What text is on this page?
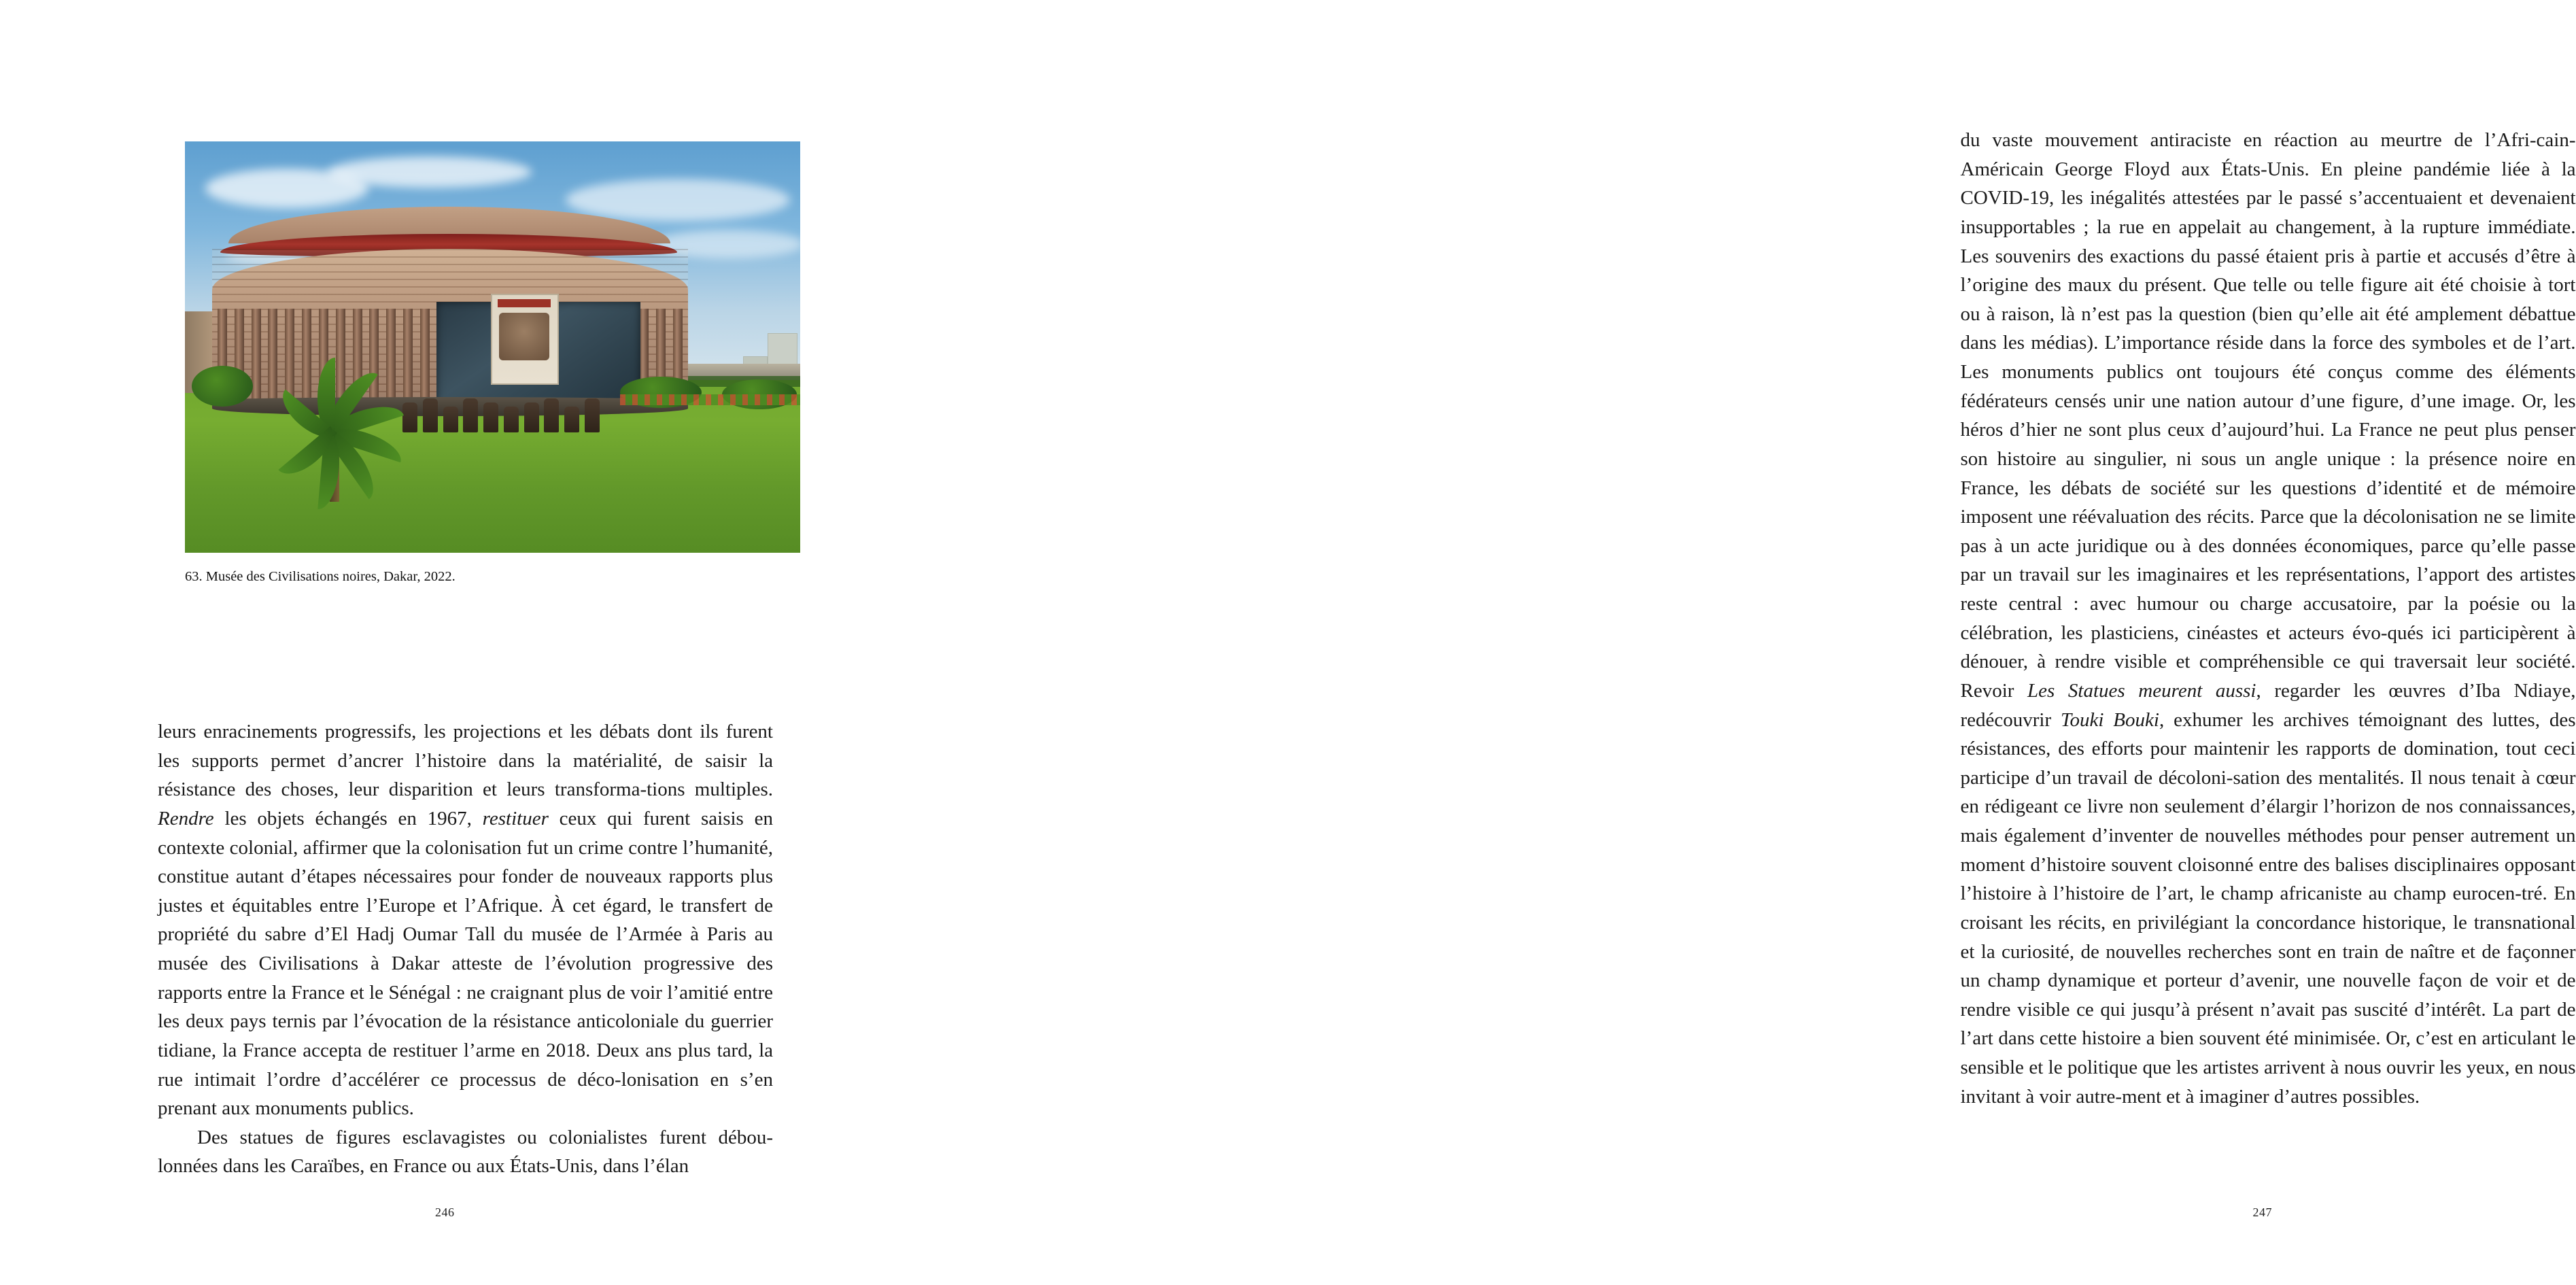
63. Musée des Civilisations noires, Dakar, 2022.

leurs enracinements progressifs, les projections et les débats dont ils furent les supports permet d’ancrer l’histoire dans la matérialité, de saisir la résistance des choses, leur disparition et leurs transforma-tions multiples. Rendre les objets échangés en 1967, restituer ceux qui furent saisis en contexte colonial, affirmer que la colonisation fut un crime contre l’humanité, constitue autant d’étapes nécessaires pour fonder de nouveaux rapports plus justes et équitables entre l’Europe et l’Afrique. À cet égard, le transfert de propriété du sabre d’El Hadj Oumar Tall du musée de l’Armée à Paris au musée des Civilisations à Dakar atteste de l’évolution progressive des rapports entre la France et le Sénégal : ne craignant plus de voir l’amitié entre les deux pays ternis par l’évocation de la résistance anticoloniale du guerrier tidiane, la France accepta de restituer l’arme en 2018. Deux ans plus tard, la rue intimait l’ordre d’accélérer ce processus de déco-lonisation en s’en prenant aux monuments publics.

Des statues de figures esclavagistes ou colonialistes furent débou-lonnées dans les Caraïbes, en France ou aux États-Unis, dans l’élan

246

du vaste mouvement antiraciste en réaction au meurtre de l’Afri-cain-Américain George Floyd aux États-Unis. En pleine pandémie liée à la COVID-19, les inégalités attestées par le passé s’accentuaient et devenaient insupportables ; la rue en appelait au changement, à la rupture immédiate. Les souvenirs des exactions du passé étaient pris à partie et accusés d’être à l’origine des maux du présent. Que telle ou telle figure ait été choisie à tort ou à raison, là n’est pas la question (bien qu’elle ait été amplement débattue dans les médias). L’importance réside dans la force des symboles et de l’art. Les monuments publics ont toujours été conçus comme des éléments fédérateurs censés unir une nation autour d’une figure, d’une image. Or, les héros d’hier ne sont plus ceux d’aujourd’hui. La France ne peut plus penser son histoire au singulier, ni sous un angle unique : la présence noire en France, les débats de société sur les questions d’identité et de mémoire imposent une réévaluation des récits. Parce que la décolonisation ne se limite pas à un acte juridique ou à des données économiques, parce qu’elle passe par un travail sur les imaginaires et les représentations, l’apport des artistes reste central : avec humour ou charge accusatoire, par la poésie ou la célébration, les plasticiens, cinéastes et acteurs évo-qués ici participèrent à dénouer, à rendre visible et compréhensible ce qui traversait leur société. Revoir Les Statues meurent aussi, regarder les œuvres d’Iba Ndiaye, redécouvrir Touki Bouki, exhumer les archives témoignant des luttes, des résistances, des efforts pour maintenir les rapports de domination, tout ceci participe d’un travail de décoloni-sation des mentalités. Il nous tenait à cœur en rédigeant ce livre non seulement d’élargir l’horizon de nos connaissances, mais également d’inventer de nouvelles méthodes pour penser autrement un moment d’histoire souvent cloisonné entre des balises disciplinaires opposant l’histoire à l’histoire de l’art, le champ africaniste au champ eurocen-tré. En croisant les récits, en privilégiant la concordance historique, le transnational et la curiosité, de nouvelles recherches sont en train de naître et de façonner un champ dynamique et porteur d’avenir, une nouvelle façon de voir et de rendre visible ce qui jusqu’à présent n’avait pas suscité d’intérêt. La part de l’art dans cette histoire a bien souvent été minimisée. Or, c’est en articulant le sensible et le politique que les artistes arrivent à nous ouvrir les yeux, en nous invitant à voir autre-ment et à imaginer d’autres possibles.

247
